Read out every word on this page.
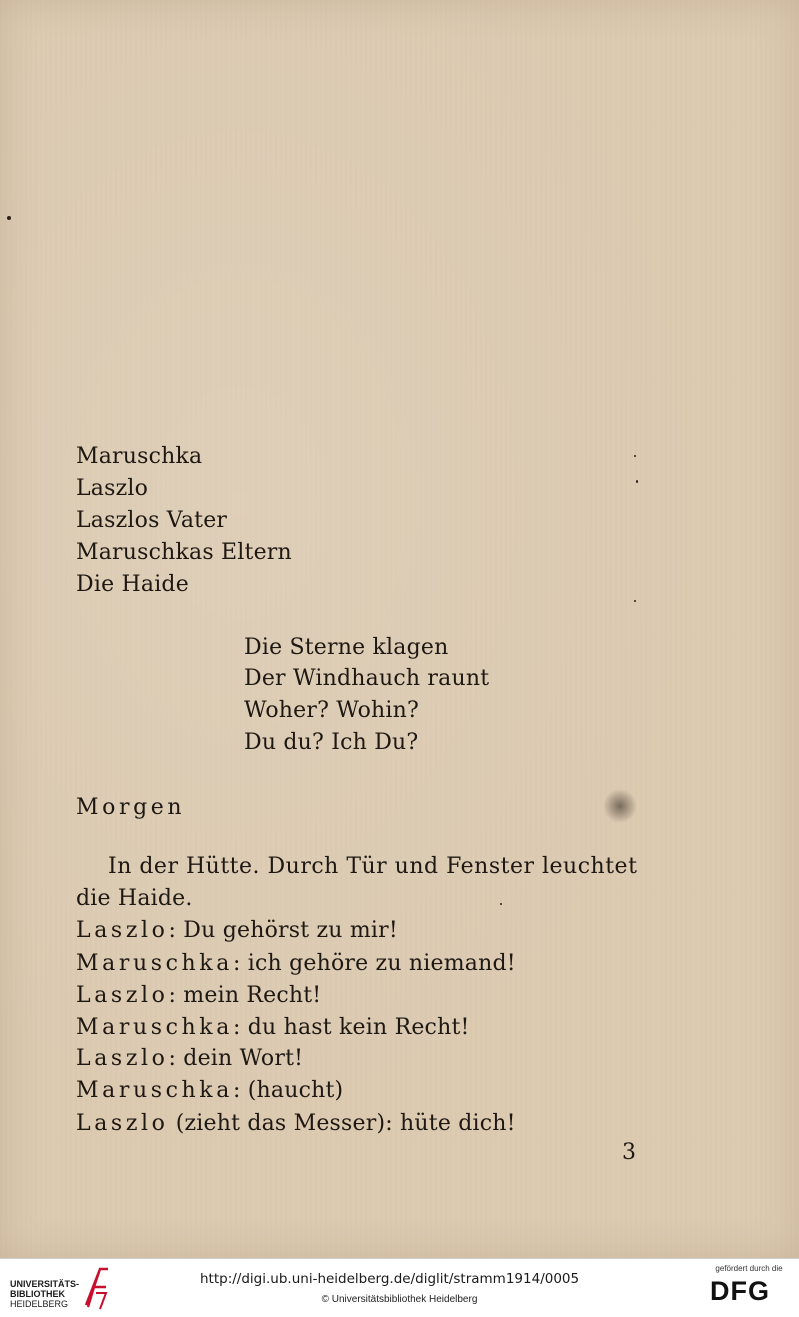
Maruschka

Laszlo

Laszlos Vater

Maruschkas Eltern

Die Haide

Die Sterne klagen

Der Windhauch raunt

Woher? Wohin?

Du du? Ich Du?

Morgen

In der Hütte. Durch Tür und Fenster leuchtet

die Haide.

Laszlo: Du gehörst zu mir!

Maruschka: ich gehöre zu niemand!

Laszlo: mein Recht!

Maruschka: du hast kein Recht!

Laszlo: dein Wort!

Maruschka: (haucht)

Laszlo (zieht das Messer): hüte dich!

3

UNIVERSITÄTS-
BIBLIOTHEK
HEIDELBERG
http://digi.ub.uni-heidelberg.de/diglit/stramm1914/0005
© Universitätsbibliothek Heidelberg
gefördert durch die
DFG
